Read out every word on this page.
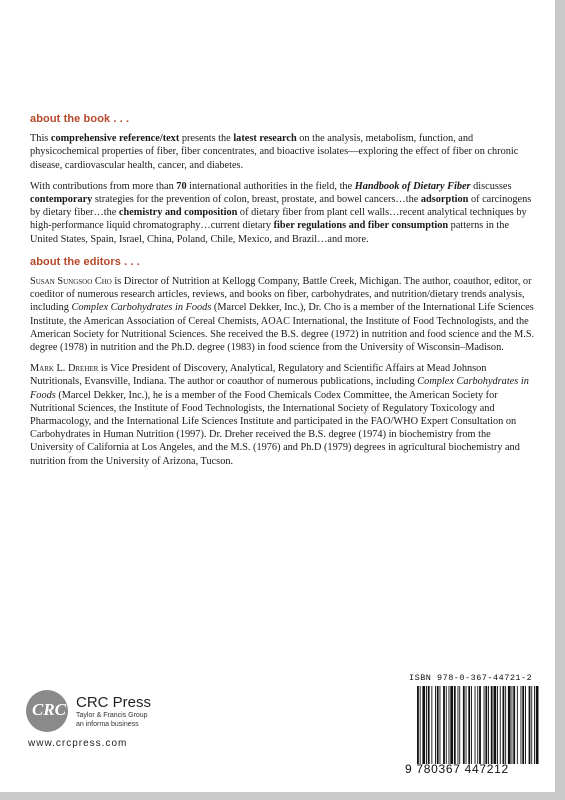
about the book . . .

This comprehensive reference/text presents the latest research on the analysis, metabolism, function, and physicochemical properties of fiber, fiber concentrates, and bioactive isolates—exploring the effect of fiber on chronic disease, cardiovascular health, cancer, and diabetes.

With contributions from more than 70 international authorities in the field, the Handbook of Dietary Fiber discusses contemporary strategies for the prevention of colon, breast, prostate, and bowel cancers…the adsorption of carcinogens by dietary fiber…the chemistry and composition of dietary fiber from plant cell walls…recent analytical techniques by high-performance liquid chromatography…current dietary fiber regulations and fiber consumption patterns in the United States, Spain, Israel, China, Poland, Chile, Mexico, and Brazil…and more.

about the editors . . .

Susan Sungsoo Cho is Director of Nutrition at Kellogg Company, Battle Creek, Michigan. The author, coauthor, editor, or coeditor of numerous research articles, reviews, and books on fiber, carbohydrates, and nutrition/dietary trends analysis, including Complex Carbohydrates in Foods (Marcel Dekker, Inc.), Dr. Cho is a member of the International Life Sciences Institute, the American Association of Cereal Chemists, AOAC International, the Institute of Food Technologists, and the American Society for Nutritional Sciences. She received the B.S. degree (1972) in nutrition and food science and the M.S. degree (1978) in nutrition and the Ph.D. degree (1983) in food science from the University of Wisconsin–Madison.

Mark L. Dreher is Vice President of Discovery, Analytical, Regulatory and Scientific Affairs at Mead Johnson Nutritionals, Evansville, Indiana. The author or coauthor of numerous publications, including Complex Carbohydrates in Foods (Marcel Dekker, Inc.), he is a member of the Food Chemicals Codex Committee, the American Society for Nutritional Sciences, the Institute of Food Technologists, the International Society of Regulatory Toxicology and Pharmacology, and the International Life Sciences Institute and participated in the FAO/WHO Expert Consultation on Carbohydrates in Human Nutrition (1997). Dr. Dreher received the B.S. degree (1974) in biochemistry from the University of California at Los Angeles, and the M.S. (1976) and Ph.D (1979) degrees in agricultural biochemistry and nutrition from the University of Arizona, Tucson.

CRC CRC Press
Taylor & Francis Group
an informa business
www.crcpress.com
ISBN 978-0-367-44721-2
9 780367 447212
